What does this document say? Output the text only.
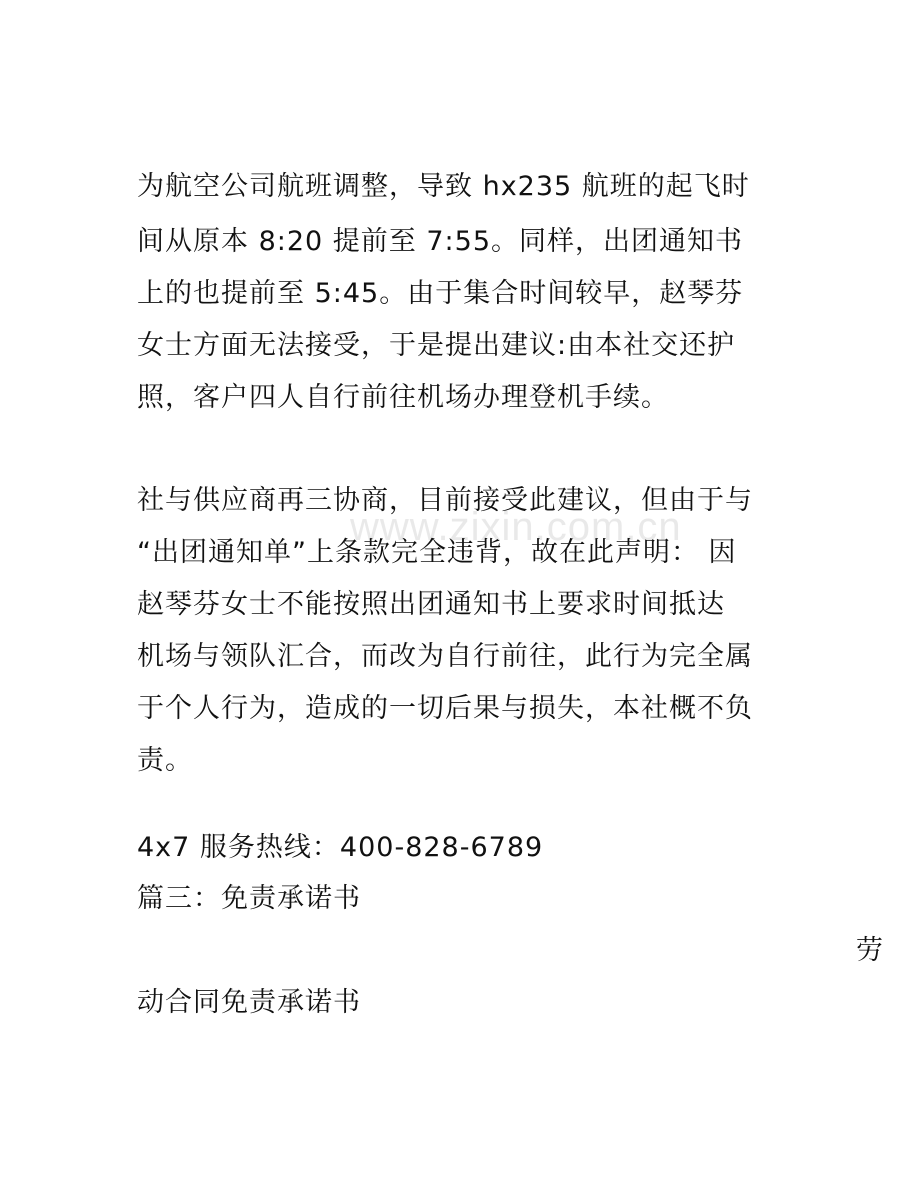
www.zixin.com.cn
为航空公司航班调整，导致 hx235 航班的起飞时
间从原本 8:20 提前至 7:55。同样，出团通知书
上的也提前至 5:45。由于集合时间较早，赵琴芬
女士方面无法接受，于是提出建议:由本社交还护
照，客户四人自行前往机场办理登机手续。
社与供应商再三协商，目前接受此建议，但由于与
“出团通知单”上条款完全违背，故在此声明： 因
赵琴芬女士不能按照出团通知书上要求时间抵达
机场与领队汇合，而改为自行前往，此行为完全属
于个人行为，造成的一切后果与损失，本社概不负
责。
4x7 服务热线：400-828-6789
篇三：免责承诺书
劳
动合同免责承诺书
